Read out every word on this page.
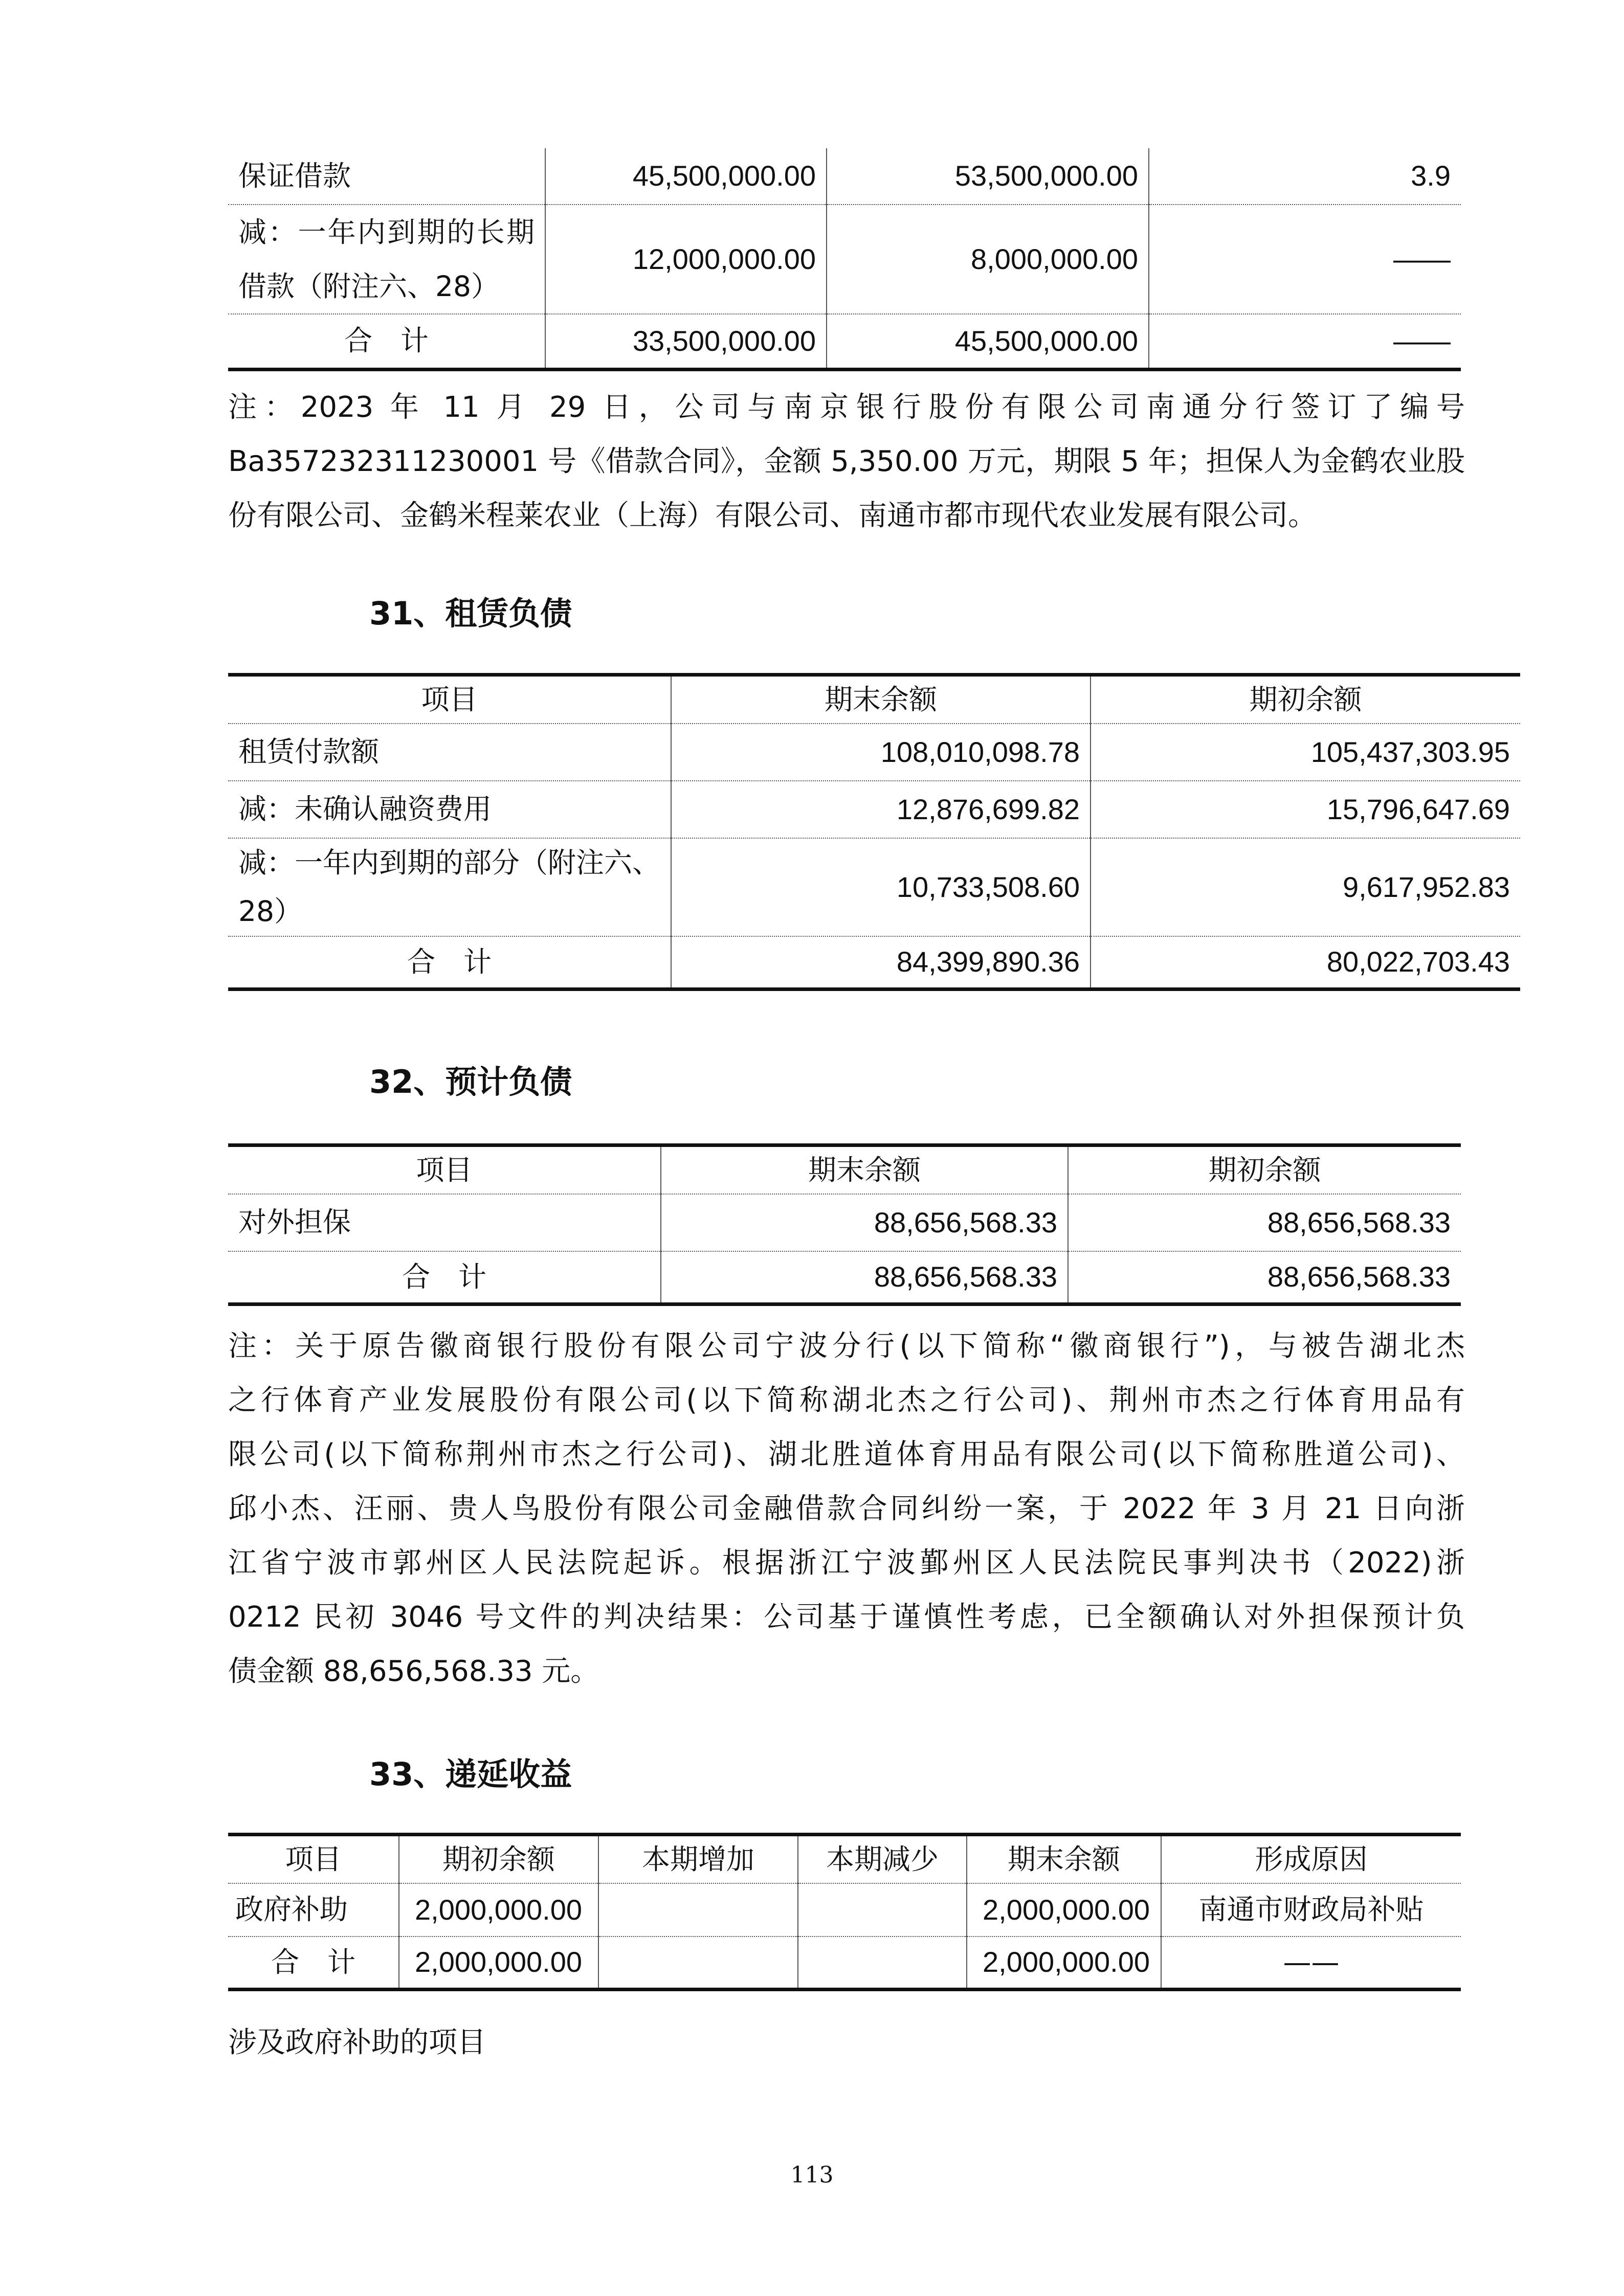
保证借款	45,500,000.00	53,500,000.00	3.9

减：一年内到期的长期
借款（附注六、28）	12,000,000.00	8,000,000.00	——
合　计	33,500,000.00	45,500,000.00	——
注：2023 年 11 月 29 日，公司与南京银行股份有限公司南通分行签订了编号
Ba357232311230001 号《借款合同》，金额 5,350.00 万元，期限 5 年；担保人为金鹤农业股
份有限公司、金鹤米程莱农业（上海）有限公司、南通市都市现代农业发展有限公司。
31、租赁负债
项目	期末余额	期初余额
租赁付款额	108,010,098.78	105,437,303.95
减：未确认融资费用	12,876,699.82	15,796,647.69

减：一年内到期的部分（附注六、
28）	10,733,508.60	9,617,952.83
合　计	84,399,890.36	80,022,703.43
32、预计负债
项目	期末余额	期初余额
对外担保	88,656,568.33	88,656,568.33
合　计	88,656,568.33	88,656,568.33
注：关于原告徽商银行股份有限公司宁波分行(以下简称“徽商银行”)，与被告湖北杰
之行体育产业发展股份有限公司(以下简称湖北杰之行公司)、荆州市杰之行体育用品有
限公司(以下简称荆州市杰之行公司)、湖北胜道体育用品有限公司(以下简称胜道公司)、
邱小杰、汪丽、贵人鸟股份有限公司金融借款合同纠纷一案，于 2022 年 3 月 21 日向浙
江省宁波市郭州区人民法院起诉。根据浙江宁波鄞州区人民法院民事判决书（2022)浙
0212 民初 3046 号文件的判决结果：公司基于谨慎性考虑，已全额确认对外担保预计负
债金额 88,656,568.33 元。
33、递延收益
项目	期初余额	本期增加	本期减少	期末余额	形成原因
政府补助	2,000,000.00			2,000,000.00	南通市财政局补贴
合　计	2,000,000.00			2,000,000.00	——
涉及政府补助的项目
113
